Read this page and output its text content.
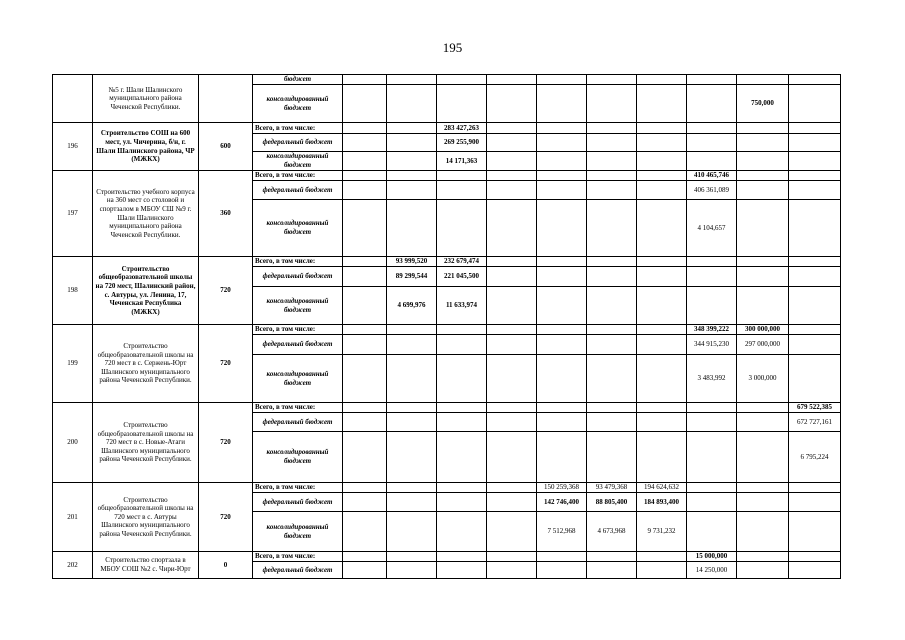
195
	№5 г. Шали Шалинского муниципального района Чеченской Республики.		бюджет										
			консолидированный бюджет									750,000	
196	Строительство СОШ на 600 мест, ул. Чичерина, б/н, г. Шали Шалинского района, ЧР (МЖКХ)	600	Всего, в том числе:			283 427,263							
			федеральный бюджет			269 255,900							
			консолидированный бюджет			14 171,363							
197	Строительство учебного корпуса на 360 мест со столовой и спортзалом в МБОУ СШ №9 г. Шали Шалинского муниципального района Чеченской Республики.	360	Всего, в том числе:								410 465,746		
			федеральный бюджет								406 361,089		
			консолидированный бюджет								4 104,657		
198	Строительство общеобразовательной школы на 720 мест, Шалинский район, с. Автуры, ул. Ленина, 17, Чеченская Республика (МЖКХ)	720	Всего, в том числе:		93 999,520	232 679,474							
			федеральный бюджет		89 299,544	221 045,500							
			консолидированный бюджет		4 699,976	11 633,974							
199	Строительство общеобразовательной школы на 720 мест в с. Сержень-Юрт Шалинского муниципального района Чеченской Республики.	720	Всего, в том числе:								348 399,222	300 000,000	
			федеральный бюджет								344 915,230	297 000,000	
			консолидированный бюджет								3 483,992	3 000,000	
200	Строительство общеобразовательной школы на 720 мест в с. Новые-Атаги Шалинского муниципального района Чеченской Республики.	720	Всего, в том числе:										679 522,385
			федеральный бюджет										672 727,161
			консолидированный бюджет										6 795,224
201	Строительство общеобразовательной школы на 720 мест в с. Автуры Шалинского муниципального района Чеченской Республики.	720	Всего, в том числе:					150 259,368	93 479,368	194 624,632			
			федеральный бюджет					142 746,400	88 805,400	184 893,400			
			консолидированный бюджет					7 512,968	4 673,968	9 731,232			
202	Строительство спортзала в МБОУ СОШ №2 с. Чири-Юрт	0	Всего, в том числе:								15 000,000		
			федеральный бюджет								14 250,000		
